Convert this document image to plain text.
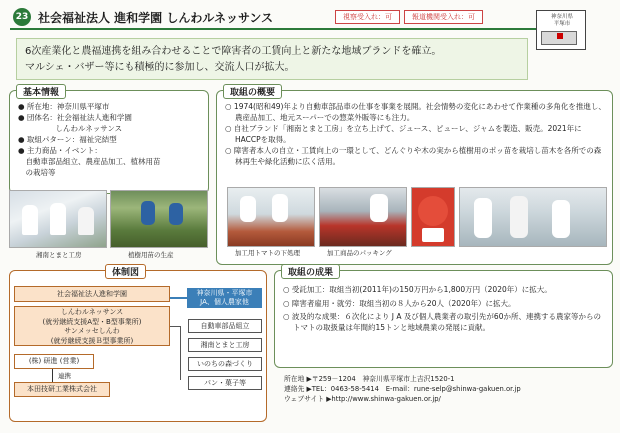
23 社会福祉法人 進和学園 しんわルネッサンス	視察受入れ：可	報道機関受入れ：可	神奈川県
平塚市
6次産業化と農福連携を組み合わせることで障害者の工賃向上と新たな地域ブランドを確立。
マルシェ・バザー等にも積極的に参加し、交流人口が拡大。
基本情報
● 所在地：神奈川県平塚市
● 団体名：社会福祉法人進和学園
　　　　　しんわルネッサンス
● 取組パターン：福祉完結型
● 主力商品・イベント：
　自動車部品組立、農産品加工、植林用苗
　の栽培等
湘南とまと工房	植樹用苗の生産
取組の概要
○ 1974(昭和49)年より自動車部品車の仕事を事業を展開。社会情勢の変化にあわせて作業種の多角化を推進し、農産品加工、地元スーパーでの惣菜外販等にも注力。
○ 自社ブランド「湘南とまと工房」を立ち上げて、ジュース、ピューレ、ジャムを製造、販売。2021年にHACCPを取得。
○ 障害者本人の自立・工賃向上の一環として、どんぐりや木の実から植樹用のポッ苗を栽培し苗木を各所での森林再生や緑化活動に広く活用。
加工用トマトの下処理	加工商品のパッキング
体制図
社会福祉法人進和学園
しんわルネッサンス
(就労継続支援A型・B型事業所)
サンメッセしんわ
(就労継続支援Ｂ型事業所)
(株) 研進 (営業)
連携
本田技研工業株式会社
神奈川県・平塚市
JA、個人農家他
自動車部品組立
湘南とまと工房
いのちの森づくり
パン・菓子等
取組の成果
○ 受託加工：取組当初(2011年)の150万円から1,800万円（2020年）に拡大。
○ 障害者雇用・就労：取組当初の８人から20人（2020年）に拡大。
○ 波及的な成果：６次化により J A 及び個人農業者の取引先が60か所、連携する農家等からのトマトの取扱量は年間約15トンと地域農業の発展に貢献。
所在地 ▶〒259－1204　神奈川県平塚市上吉沢1520-1
連絡先 ▶TEL：0463-58-5414　E-mail：rune-selp@shinwa-gakuen.or.jp
ウェブサイト ▶http://www.shinwa-gakuen.or.jp/
